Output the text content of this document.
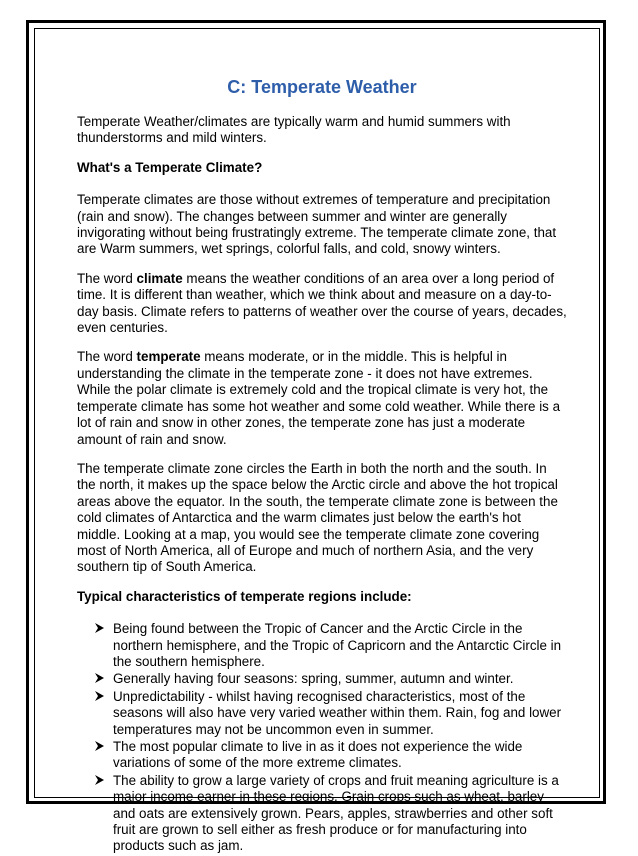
C: Temperate Weather

Temperate Weather/climates are typically warm and humid summers with thunderstorms and mild winters.

What's a Temperate Climate?

Temperate climates are those without extremes of temperature and precipitation (rain and snow). The changes between summer and winter are generally invigorating without being frustratingly extreme. The temperate climate zone, that are Warm summers, wet springs, colorful falls, and cold, snowy winters.

The word climate means the weather conditions of an area over a long period of time. It is different than weather, which we think about and measure on a day-to-day basis. Climate refers to patterns of weather over the course of years, decades, even centuries.

The word temperate means moderate, or in the middle. This is helpful in understanding the climate in the temperate zone - it does not have extremes. While the polar climate is extremely cold and the tropical climate is very hot, the temperate climate has some hot weather and some cold weather. While there is a lot of rain and snow in other zones, the temperate zone has just a moderate amount of rain and snow.

The temperate climate zone circles the Earth in both the north and the south. In the north, it makes up the space below the Arctic circle and above the hot tropical areas above the equator. In the south, the temperate climate zone is between the cold climates of Antarctica and the warm climates just below the earth's hot middle. Looking at a map, you would see the temperate climate zone covering most of North America, all of Europe and much of northern Asia, and the very southern tip of South America.

Typical characteristics of temperate regions include:

Being found between the Tropic of Cancer and the Arctic Circle in the northern hemisphere, and the Tropic of Capricorn and the Antarctic Circle in the southern hemisphere.
Generally having four seasons: spring, summer, autumn and winter.
Unpredictability - whilst having recognised characteristics, most of the seasons will also have very varied weather within them. Rain, fog and lower temperatures may not be uncommon even in summer.
The most popular climate to live in as it does not experience the wide variations of some of the more extreme climates.
The ability to grow a large variety of crops and fruit meaning agriculture is a major income earner in these regions. Grain crops such as wheat, barley and oats are extensively grown. Pears, apples, strawberries and other soft fruit are grown to sell either as fresh produce or for manufacturing into products such as jam.
